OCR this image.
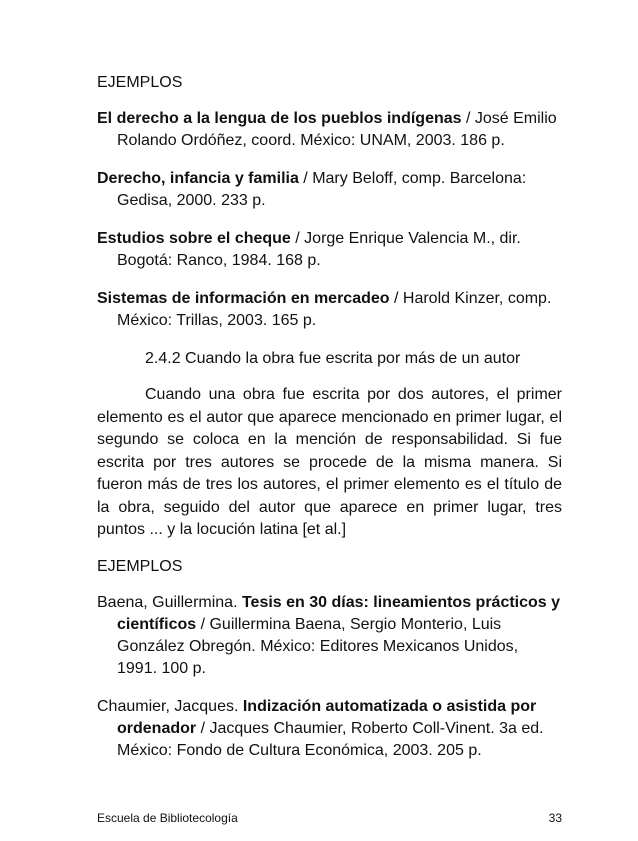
EJEMPLOS
El derecho a la lengua de los pueblos indígenas / José Emilio Rolando Ordóñez, coord. México: UNAM, 2003. 186 p.
Derecho, infancia y familia / Mary Beloff, comp. Barcelona: Gedisa, 2000. 233 p.
Estudios sobre el cheque / Jorge Enrique Valencia M., dir. Bogotá: Ranco, 1984. 168 p.
Sistemas de información en mercadeo / Harold Kinzer, comp. México: Trillas, 2003. 165 p.
2.4.2 Cuando la obra fue escrita por más de un autor
Cuando una obra fue escrita por dos autores, el primer elemento es el autor que aparece mencionado en primer lugar, el segundo se coloca en la mención de responsabilidad. Si fue escrita por tres autores se procede de la misma manera. Si fueron más de tres los autores, el primer elemento es el título de la obra, seguido del autor que aparece en primer lugar, tres puntos ... y la locución latina [et al.]
EJEMPLOS
Baena, Guillermina. Tesis en 30 días: lineamientos prácticos y científicos / Guillermina Baena, Sergio Monterio, Luis González Obregón. México: Editores Mexicanos Unidos, 1991. 100 p.
Chaumier, Jacques. Indización automatizada o asistida por ordenador / Jacques Chaumier, Roberto Coll-Vinent. 3a ed. México: Fondo de Cultura Económica, 2003. 205 p.
Escuela de Bibliotecología	33
